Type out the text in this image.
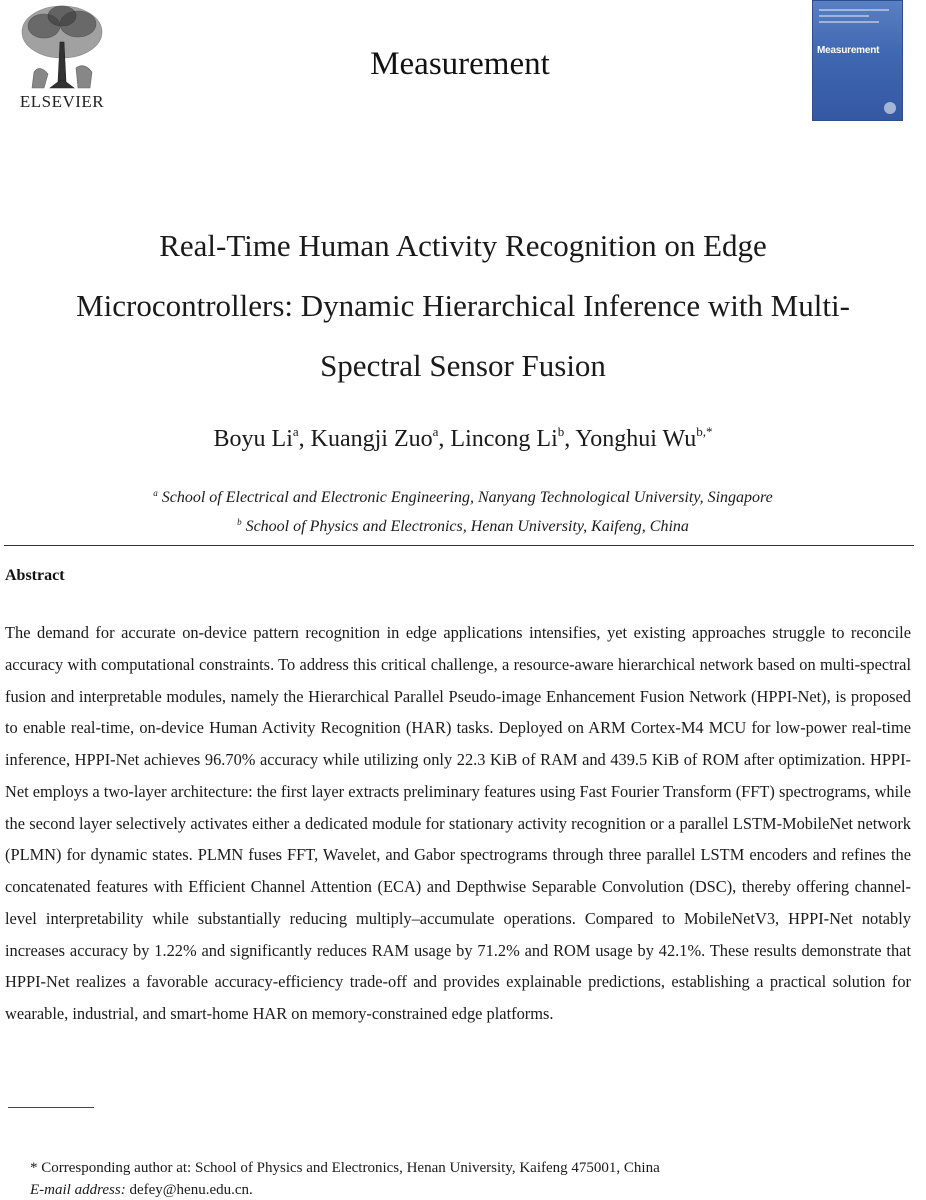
ELSEVIER
Measurement	Measurement
Real-Time Human Activity Recognition on Edge
Microcontrollers: Dynamic Hierarchical Inference with Multi-
Spectral Sensor Fusion
Boyu Li$^a$, Kuangji Zuo$^a$, Lincong Li$^b$, Yonghui $Wu^{b,*}$
$^a$ School of Electrical and Electronic Engineering, Nanyang Technological University, Singapore
$^b$ School of Physics and Electronics, Henan University, Kaifeng, China
Abstract
The demand for accurate on-device pattern recognition in edge applications intensifies, yet existing approaches struggle to reconcile accuracy with computational constraints. To address this critical challenge, a resource-aware hierarchical network based on multi-spectral fusion and interpretable modules, namely the Hierarchical Parallel Pseudo-image Enhancement Fusion Network (HPPI-Net), is proposed to enable real-time, on-device Human Activity Recognition (HAR) tasks. Deployed on ARM Cortex-M4 MCU for low-power real-time inference, HPPI-Net achieves 96.70% accuracy while utilizing only 22.3 KiB of RAM and 439.5 KiB of ROM after optimization. HPPI-Net employs a two-layer architecture: the first layer extracts preliminary features using Fast Fourier Transform (FFT) spectrograms, while the second layer selectively activates either a dedicated module for stationary activity recognition or a parallel LSTM-MobileNet network (PLMN) for dynamic states. PLMN fuses FFT, Wavelet, and Gabor spectrograms through three parallel LSTM encoders and refines the concatenated features with Efficient Channel Attention (ECA) and Depthwise Separable Convolution (DSC), thereby offering channel-level interpretability while substantially reducing multiply–accumulate operations. Compared to MobileNetV3, HPPI-Net notably increases accuracy by 1.22% and significantly reduces RAM usage by 71.2% and ROM usage by 42.1%. These results demonstrate that HPPI-Net realizes a favorable accuracy-efficiency trade-off and provides explainable predictions, establishing a practical solution for wearable, industrial, and smart-home HAR on memory-constrained edge platforms.
* Corresponding author at: School of Physics and Electronics, Henan University, Kaifeng 475001, China
E-mail address: defey@henu.edu.cn.
